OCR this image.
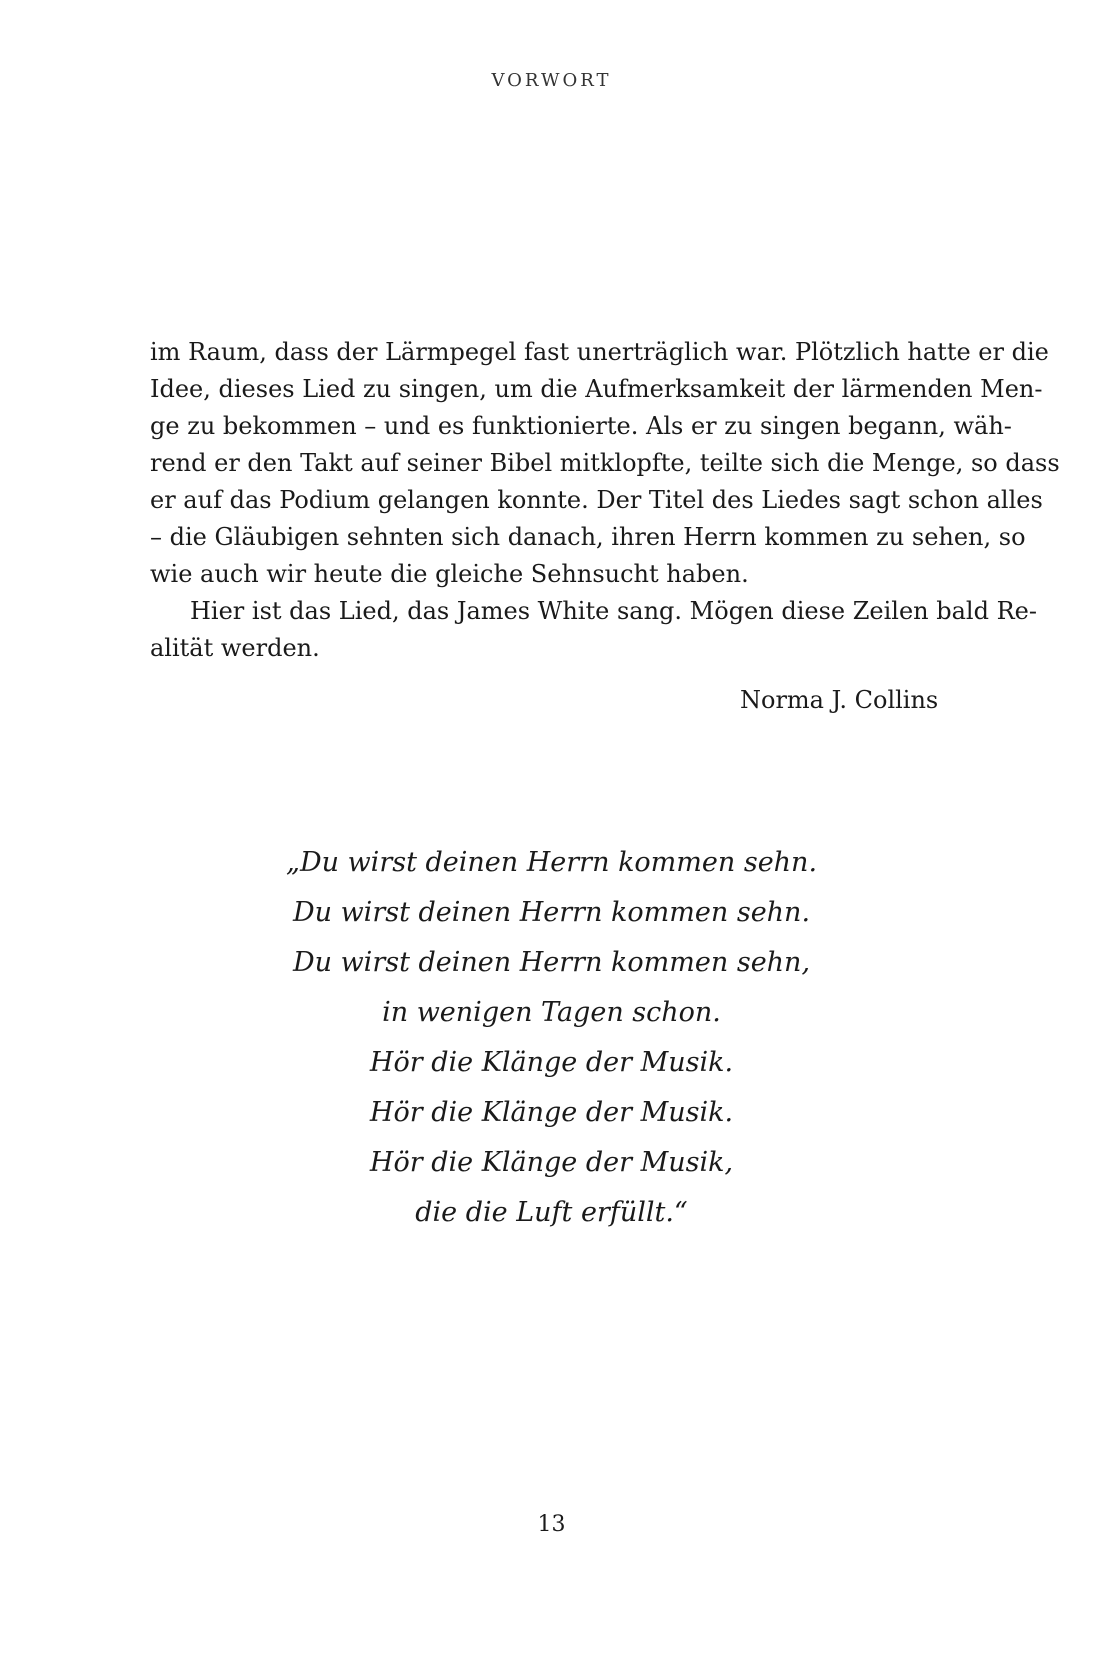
VORWORT
im Raum, dass der Lärmpegel fast unerträglich war. Plötzlich hatte er die
Idee, dieses Lied zu singen, um die Aufmerksamkeit der lärmenden Men-
ge zu bekommen – und es funktionierte. Als er zu singen begann, wäh-
rend er den Takt auf seiner Bibel mitklopfte, teilte sich die Menge, so dass
er auf das Podium gelangen konnte. Der Titel des Liedes sagt schon alles
– die Gläubigen sehnten sich danach, ihren Herrn kommen zu sehen, so
wie auch wir heute die gleiche Sehnsucht haben.
Hier ist das Lied, das James White sang. Mögen diese Zeilen bald Re-
alität werden.
Norma J. Collins
„Du wirst deinen Herrn kommen sehn.
Du wirst deinen Herrn kommen sehn.
Du wirst deinen Herrn kommen sehn,
in wenigen Tagen schon.
Hör die Klänge der Musik.
Hör die Klänge der Musik.
Hör die Klänge der Musik,
die die Luft erfüllt.“
13
